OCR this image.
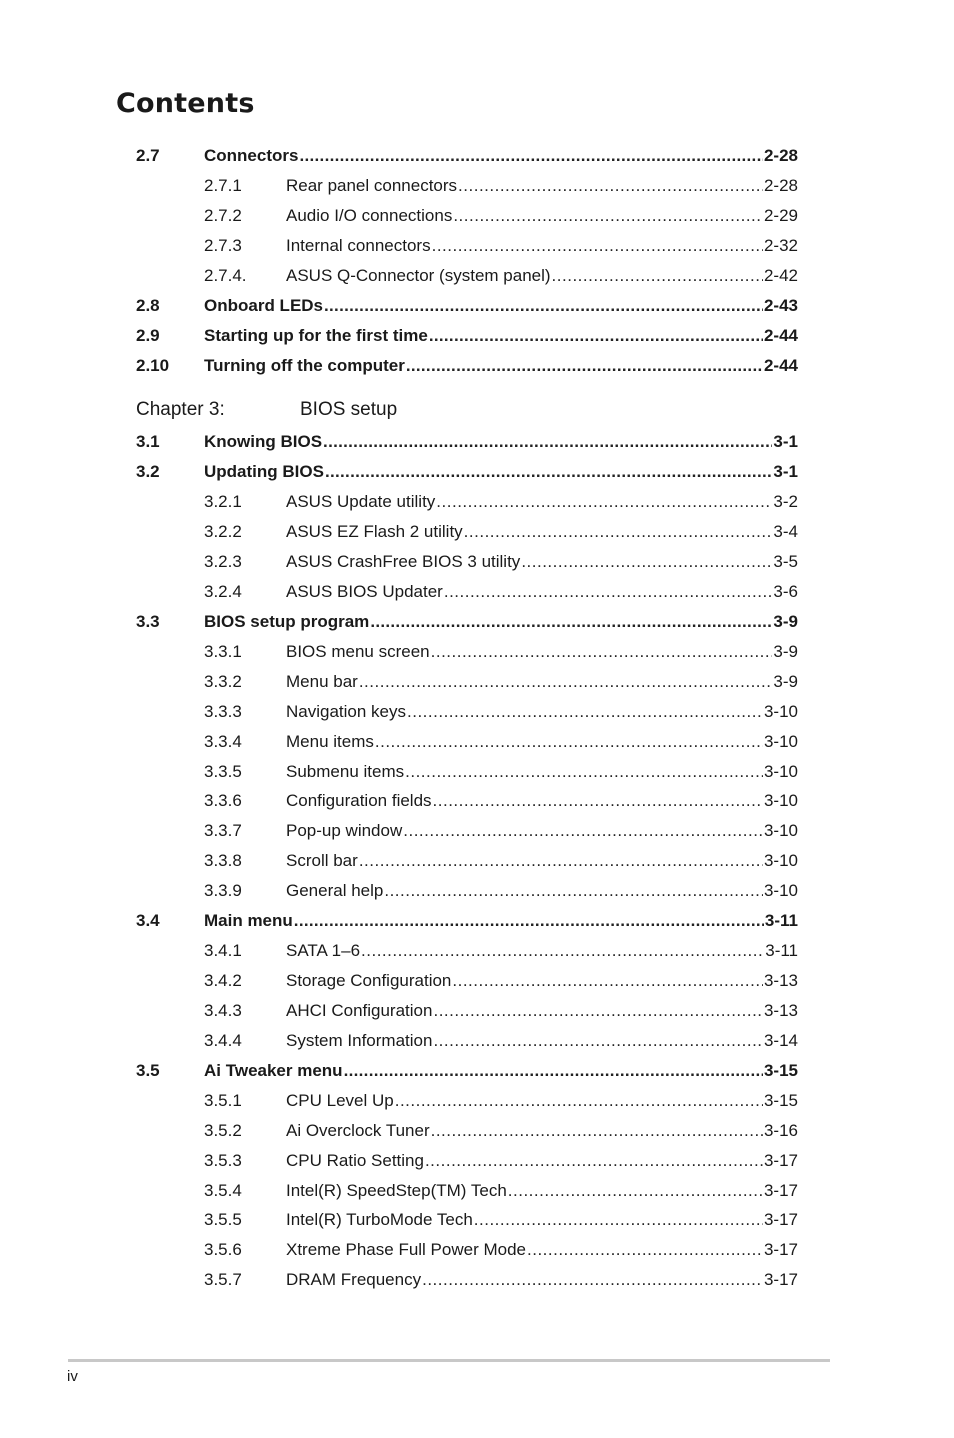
Contents
2.7	Connectors .....	2-28
2.7.1	Rear panel connectors .....	2-28
2.7.2	Audio I/O connections .....	2-29
2.7.3	Internal connectors .....	2-32
2.7.4.	ASUS Q-Connector (system panel) .....	2-42
2.8	Onboard LEDs .....	2-43
2.9	Starting up for the first time .....	2-44
2.10	Turning off the computer .....	2-44
Chapter 3:	BIOS setup
3.1	Knowing BIOS .....	3-1
3.2	Updating BIOS .....	3-1
3.2.1	ASUS Update utility .....	3-2
3.2.2	ASUS EZ Flash 2 utility .....	3-4
3.2.3	ASUS CrashFree BIOS 3 utility .....	3-5
3.2.4	ASUS BIOS Updater .....	3-6
3.3	BIOS setup program .....	3-9
3.3.1	BIOS menu screen .....	3-9
3.3.2	Menu bar .....	3-9
3.3.3	Navigation keys .....	3-10
3.3.4	Menu items .....	3-10
3.3.5	Submenu items .....	3-10
3.3.6	Configuration fields .....	3-10
3.3.7	Pop-up window .....	3-10
3.3.8	Scroll bar .....	3-10
3.3.9	General help .....	3-10
3.4	Main menu .....	3-11
3.4.1	SATA 1–6 .....	3-11
3.4.2	Storage Configuration .....	3-13
3.4.3	AHCI Configuration .....	3-13
3.4.4	System Information .....	3-14
3.5	Ai Tweaker menu .....	3-15
3.5.1	CPU Level Up .....	3-15
3.5.2	Ai Overclock Tuner .....	3-16
3.5.3	CPU Ratio Setting .....	3-17
3.5.4	Intel(R) SpeedStep(TM) Tech .....	3-17
3.5.5	Intel(R) TurboMode Tech .....	3-17
3.5.6	Xtreme Phase Full Power Mode .....	3-17
3.5.7	DRAM Frequency .....	3-17
iv
